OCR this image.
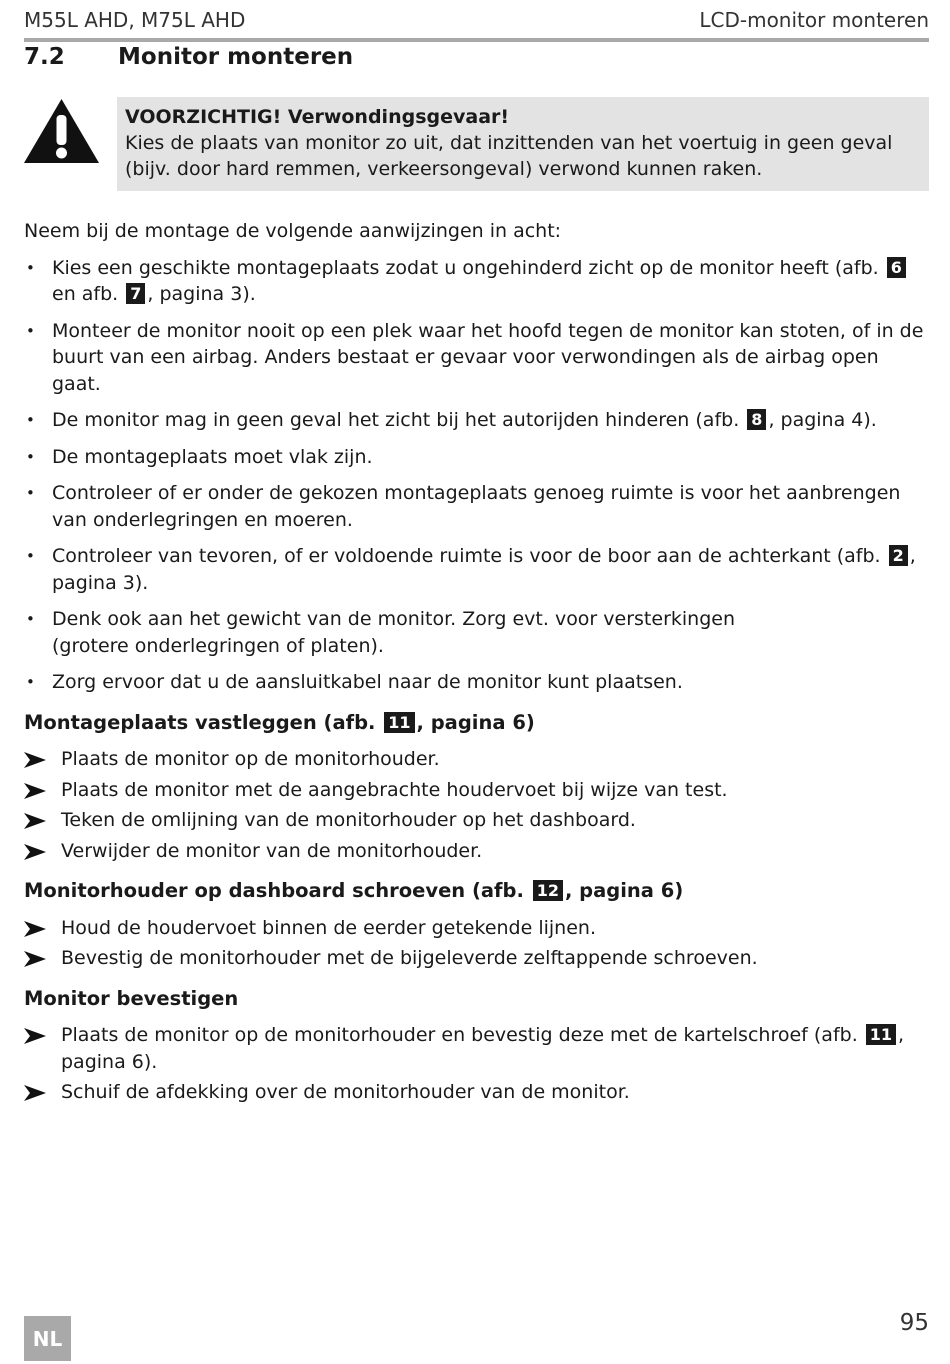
M55L AHD, M75L AHD	LCD-monitor monteren
7.2 Monitor monteren
VOORZICHTIG! Verwondingsgevaar!
Kies de plaats van monitor zo uit, dat inzittenden van het voertuig in geen geval (bijv. door hard remmen, verkeersongeval) verwond kunnen raken.

Neem bij de montage de volgende aanwijzingen in acht:

• Kies een geschikte montageplaats zodat u ongehinderd zicht op de monitor heeft (afb. 6 en afb. 7 , pagina 3).
• Monteer de monitor nooit op een plek waar het hoofd tegen de monitor kan stoten, of in de buurt van een airbag. Anders bestaat er gevaar voor verwondingen als de airbag open gaat.
• De monitor mag in geen geval het zicht bij het autorijden hinderen (afb. 8 , pagina 4).
• De montageplaats moet vlak zijn.
• Controleer of er onder de gekozen montageplaats genoeg ruimte is voor het aanbrengen van onderlegringen en moeren.
• Controleer van tevoren, of er voldoende ruimte is voor de boor aan de achterkant (afb. 2 , pagina 3).
• Denk ook aan het gewicht van de monitor. Zorg evt. voor versterkingen
(grotere onderlegringen of platen).
• Zorg ervoor dat u de aansluitkabel naar de monitor kunt plaatsen.
Montageplaats vastleggen (afb. 11 , pagina 6)
Plaats de monitor op de monitorhouder.
Plaats de monitor met de aangebrachte houdervoet bij wijze van test.
Teken de omlijning van de monitorhouder op het dashboard.
Verwijder de monitor van de monitorhouder.
Monitorhouder op dashboard schroeven (afb. 12 , pagina 6)
Houd de houdervoet binnen de eerder getekende lijnen.
Bevestig de monitorhouder met de bijgeleverde zelftappende schroeven.
Monitor bevestigen
Plaats de monitor op de monitorhouder en bevestig deze met de kartelschroef (afb. 11 , pagina 6).
Schuif de afdekking over de monitorhouder van de monitor.
95
NL
